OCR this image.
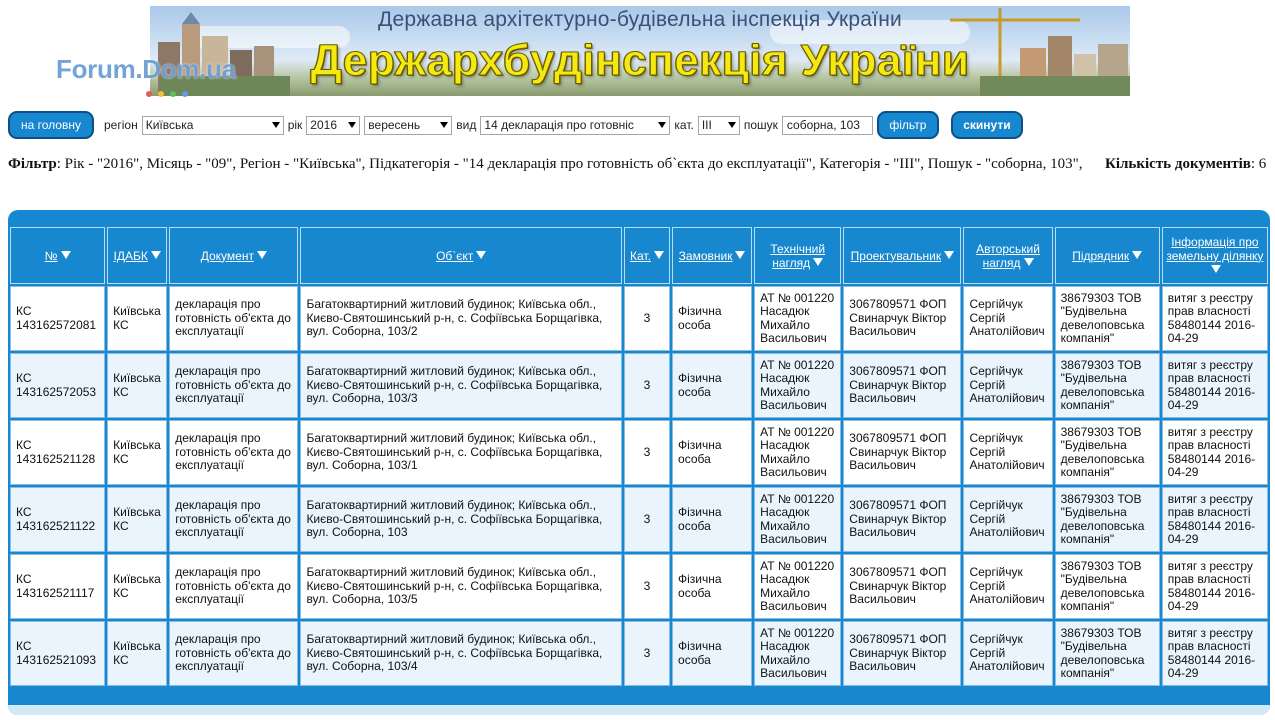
Державна архітектурно-будівельна інспекція України
Держархбудінспекція України
Forum.Dom.ua
на головну	регіон Київська	рік 2016	вересень	вид 14 декларація про готовніс	кат. III	пошук соборна, 103	фільтр	скинути
Фільтр: Рік - "2016", Місяць - "09", Регіон - "Київська", Підкатегорія - "14 декларація про готовність об`єкта до експлуатації", Категорія - "III", Пошук - "соборна, 103", Кількість документів: 6
№	ІДАБК	Документ	Об`єкт	Кат.	Замовник	Технічний нагляд	Проектувальник	Авторський нагляд	Підрядник	Інформація про земельну ділянку
КС 143162572081	Київська КС	декларація про готовність об'єкта до експлуатації	Багатоквартирний житловий будинок; Київська обл., Києво-Святошинський р-н, с. Софіївська Борщагівка, вул. Соборна, 103/2	3	Фізична особа	АТ № 001220 Насадюк Михайло Васильович	3067809571 ФОП Свинарчук Віктор Васильович	Сергійчук Сергій Анатолійович	38679303 ТОВ "Будівельна девелоповська компанія"	витяг з реєстру прав власності 58480144 2016-04-29
КС 143162572053	Київська КС	декларація про готовність об'єкта до експлуатації	Багатоквартирний житловий будинок; Київська обл., Києво-Святошинський р-н, с. Софіївська Борщагівка, вул. Соборна, 103/3	3	Фізична особа	АТ № 001220 Насадюк Михайло Васильович	3067809571 ФОП Свинарчук Віктор Васильович	Сергійчук Сергій Анатолійович	38679303 ТОВ "Будівельна девелоповська компанія"	витяг з реєстру прав власності 58480144 2016-04-29
КС 143162521128	Київська КС	декларація про готовність об'єкта до експлуатації	Багатоквартирний житловий будинок; Київська обл., Києво-Святошинський р-н, с. Софіївська Борщагівка, вул. Соборна, 103/1	3	Фізична особа	АТ № 001220 Насадюк Михайло Васильович	3067809571 ФОП Свинарчук Віктор Васильович	Сергійчук Сергій Анатолійович	38679303 ТОВ "Будівельна девелоповська компанія"	витяг з реєстру прав власності 58480144 2016-04-29
КС 143162521122	Київська КС	декларація про готовність об'єкта до експлуатації	Багатоквартирний житловий будинок; Київська обл., Києво-Святошинський р-н, с. Софіївська Борщагівка, вул. Соборна, 103	3	Фізична особа	АТ № 001220 Насадюк Михайло Васильович	3067809571 ФОП Свинарчук Віктор Васильович	Сергійчук Сергій Анатолійович	38679303 ТОВ "Будівельна девелоповська компанія"	витяг з реєстру прав власності 58480144 2016-04-29
КС 143162521117	Київська КС	декларація про готовність об'єкта до експлуатації	Багатоквартирний житловий будинок; Київська обл., Києво-Святошинський р-н, с. Софіївська Борщагівка, вул. Соборна, 103/5	3	Фізична особа	АТ № 001220 Насадюк Михайло Васильович	3067809571 ФОП Свинарчук Віктор Васильович	Сергійчук Сергій Анатолійович	38679303 ТОВ "Будівельна девелоповська компанія"	витяг з реєстру прав власності 58480144 2016-04-29
КС 143162521093	Київська КС	декларація про готовність об'єкта до експлуатації	Багатоквартирний житловий будинок; Київська обл., Києво-Святошинський р-н, с. Софіївська Борщагівка, вул. Соборна, 103/4	3	Фізична особа	АТ № 001220 Насадюк Михайло Васильович	3067809571 ФОП Свинарчук Віктор Васильович	Сергійчук Сергій Анатолійович	38679303 ТОВ "Будівельна девелоповська компанія"	витяг з реєстру прав власності 58480144 2016-04-29
